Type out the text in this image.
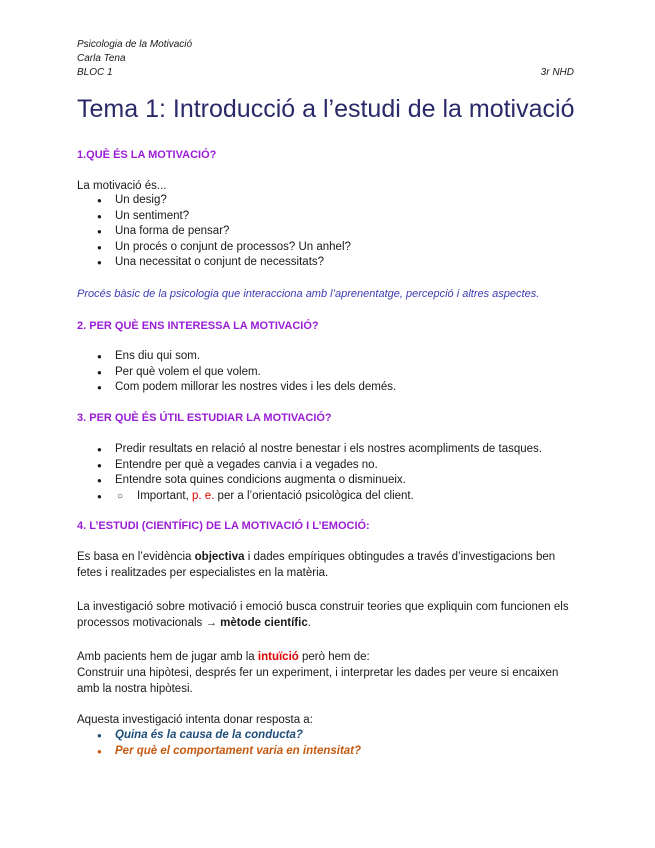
Psicologia de la Motivació
Carla Tena
BLOC 1	3r NHD
Tema 1: Introducció a l’estudi de la motivació
1.QUÈ ÉS LA MOTIVACIÓ?
La motivació és...
● Un desig?
● Un sentiment?
● Una forma de pensar?
● Un procés o conjunt de processos? Un anhel?
● Una necessitat o conjunt de necessitats?
Procés bàsic de la psicologia que interacciona amb l’aprenentatge, percepció i altres aspectes.
2. PER QUÈ ENS INTERESSA LA MOTIVACIÓ?
● Ens diu qui som.
● Per què volem el que volem.
● Com podem millorar les nostres vides i les dels demés.
3. PER QUÈ ÉS ÚTIL ESTUDIAR LA MOTIVACIÓ?
● Predir resultats en relació al nostre benestar i els nostres acompliments de tasques.
● Entendre per què a vegades canvia i a vegades no.
● Entendre sota quines condicions augmenta o disminueix.
○ ● Important, p. e. per a l’orientació psicològica del client.
4. L’ESTUDI (CIENTÍFIC) DE LA MOTIVACIÓ I L’EMOCIÓ:

Es basa en l’evidència objectiva i dades empíriques obtingudes a través d’investigacions ben fetes i realitzades per especialistes en la matèria.

La investigació sobre motivació i emoció busca construir teories que expliquin com funcionen els processos motivacionals → mètode científic.

Amb pacients hem de jugar amb la intuïció però hem de:
Construir una hipòtesi, després fer un experiment, i interpretar les dades per veure si encaixen amb la nostra hipòtesi.

Aquesta investigació intenta donar resposta a:

● Quina és la causa de la conducta?
● Per què el comportament varia en intensitat?
